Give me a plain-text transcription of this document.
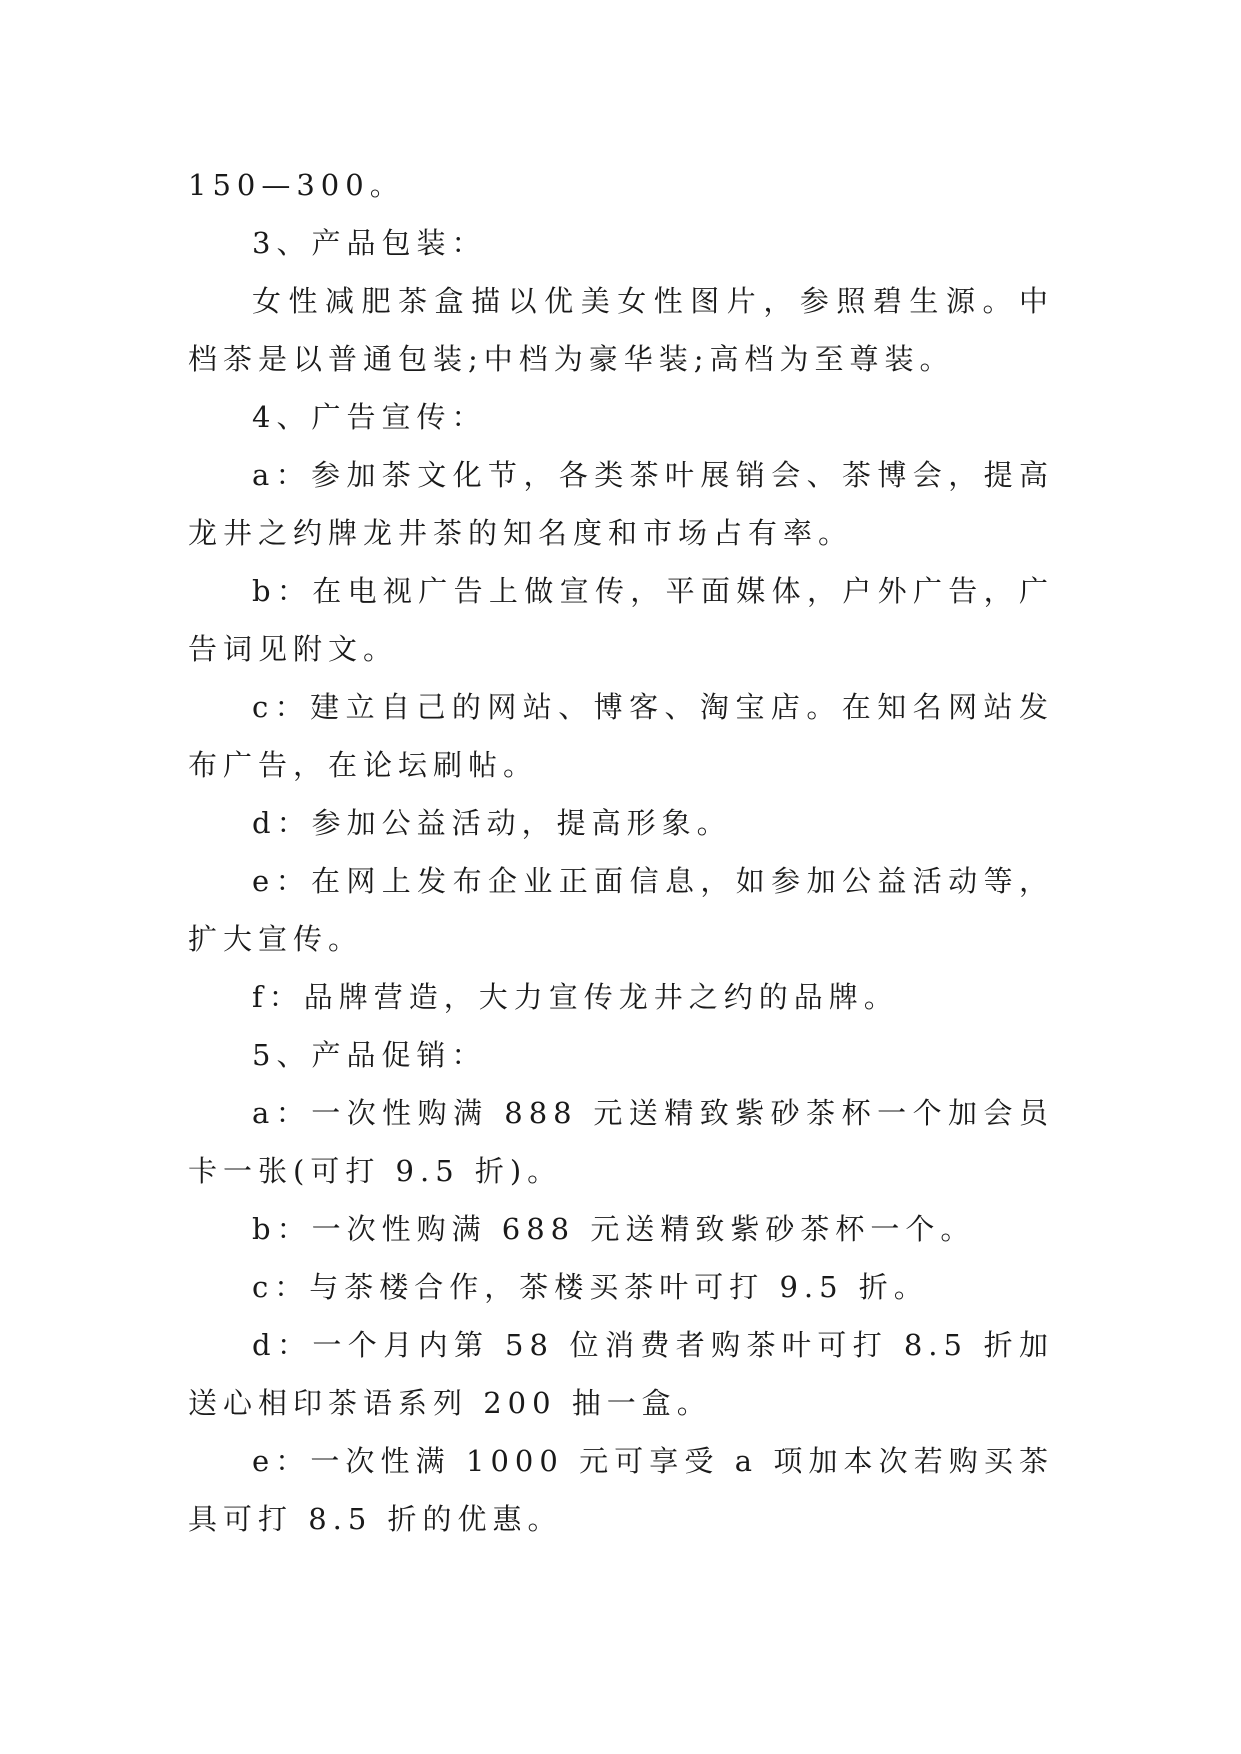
150—300。

3、产品包装：

女性减肥茶盒描以优美女性图片，参照碧生源。中档茶是以普通包装;中档为豪华装;高档为至尊装。

4、广告宣传：

a：参加茶文化节，各类茶叶展销会、茶博会，提高龙井之约牌龙井茶的知名度和市场占有率。

b：在电视广告上做宣传，平面媒体，户外广告，广告词见附文。

c：建立自己的网站、博客、淘宝店。在知名网站发布广告，在论坛刷帖。

d：参加公益活动，提高形象。

e：在网上发布企业正面信息，如参加公益活动等，扩大宣传。

f：品牌营造，大力宣传龙井之约的品牌。

5、产品促销：

a：一次性购满 888 元送精致紫砂茶杯一个加会员卡一张(可打 9.5 折)。

b：一次性购满 688 元送精致紫砂茶杯一个。

c：与茶楼合作，茶楼买茶叶可打 9.5 折。

d：一个月内第 58 位消费者购茶叶可打 8.5 折加送心相印茶语系列 200 抽一盒。

e：一次性满 1000 元可享受 a 项加本次若购买茶具可打 8.5 折的优惠。
